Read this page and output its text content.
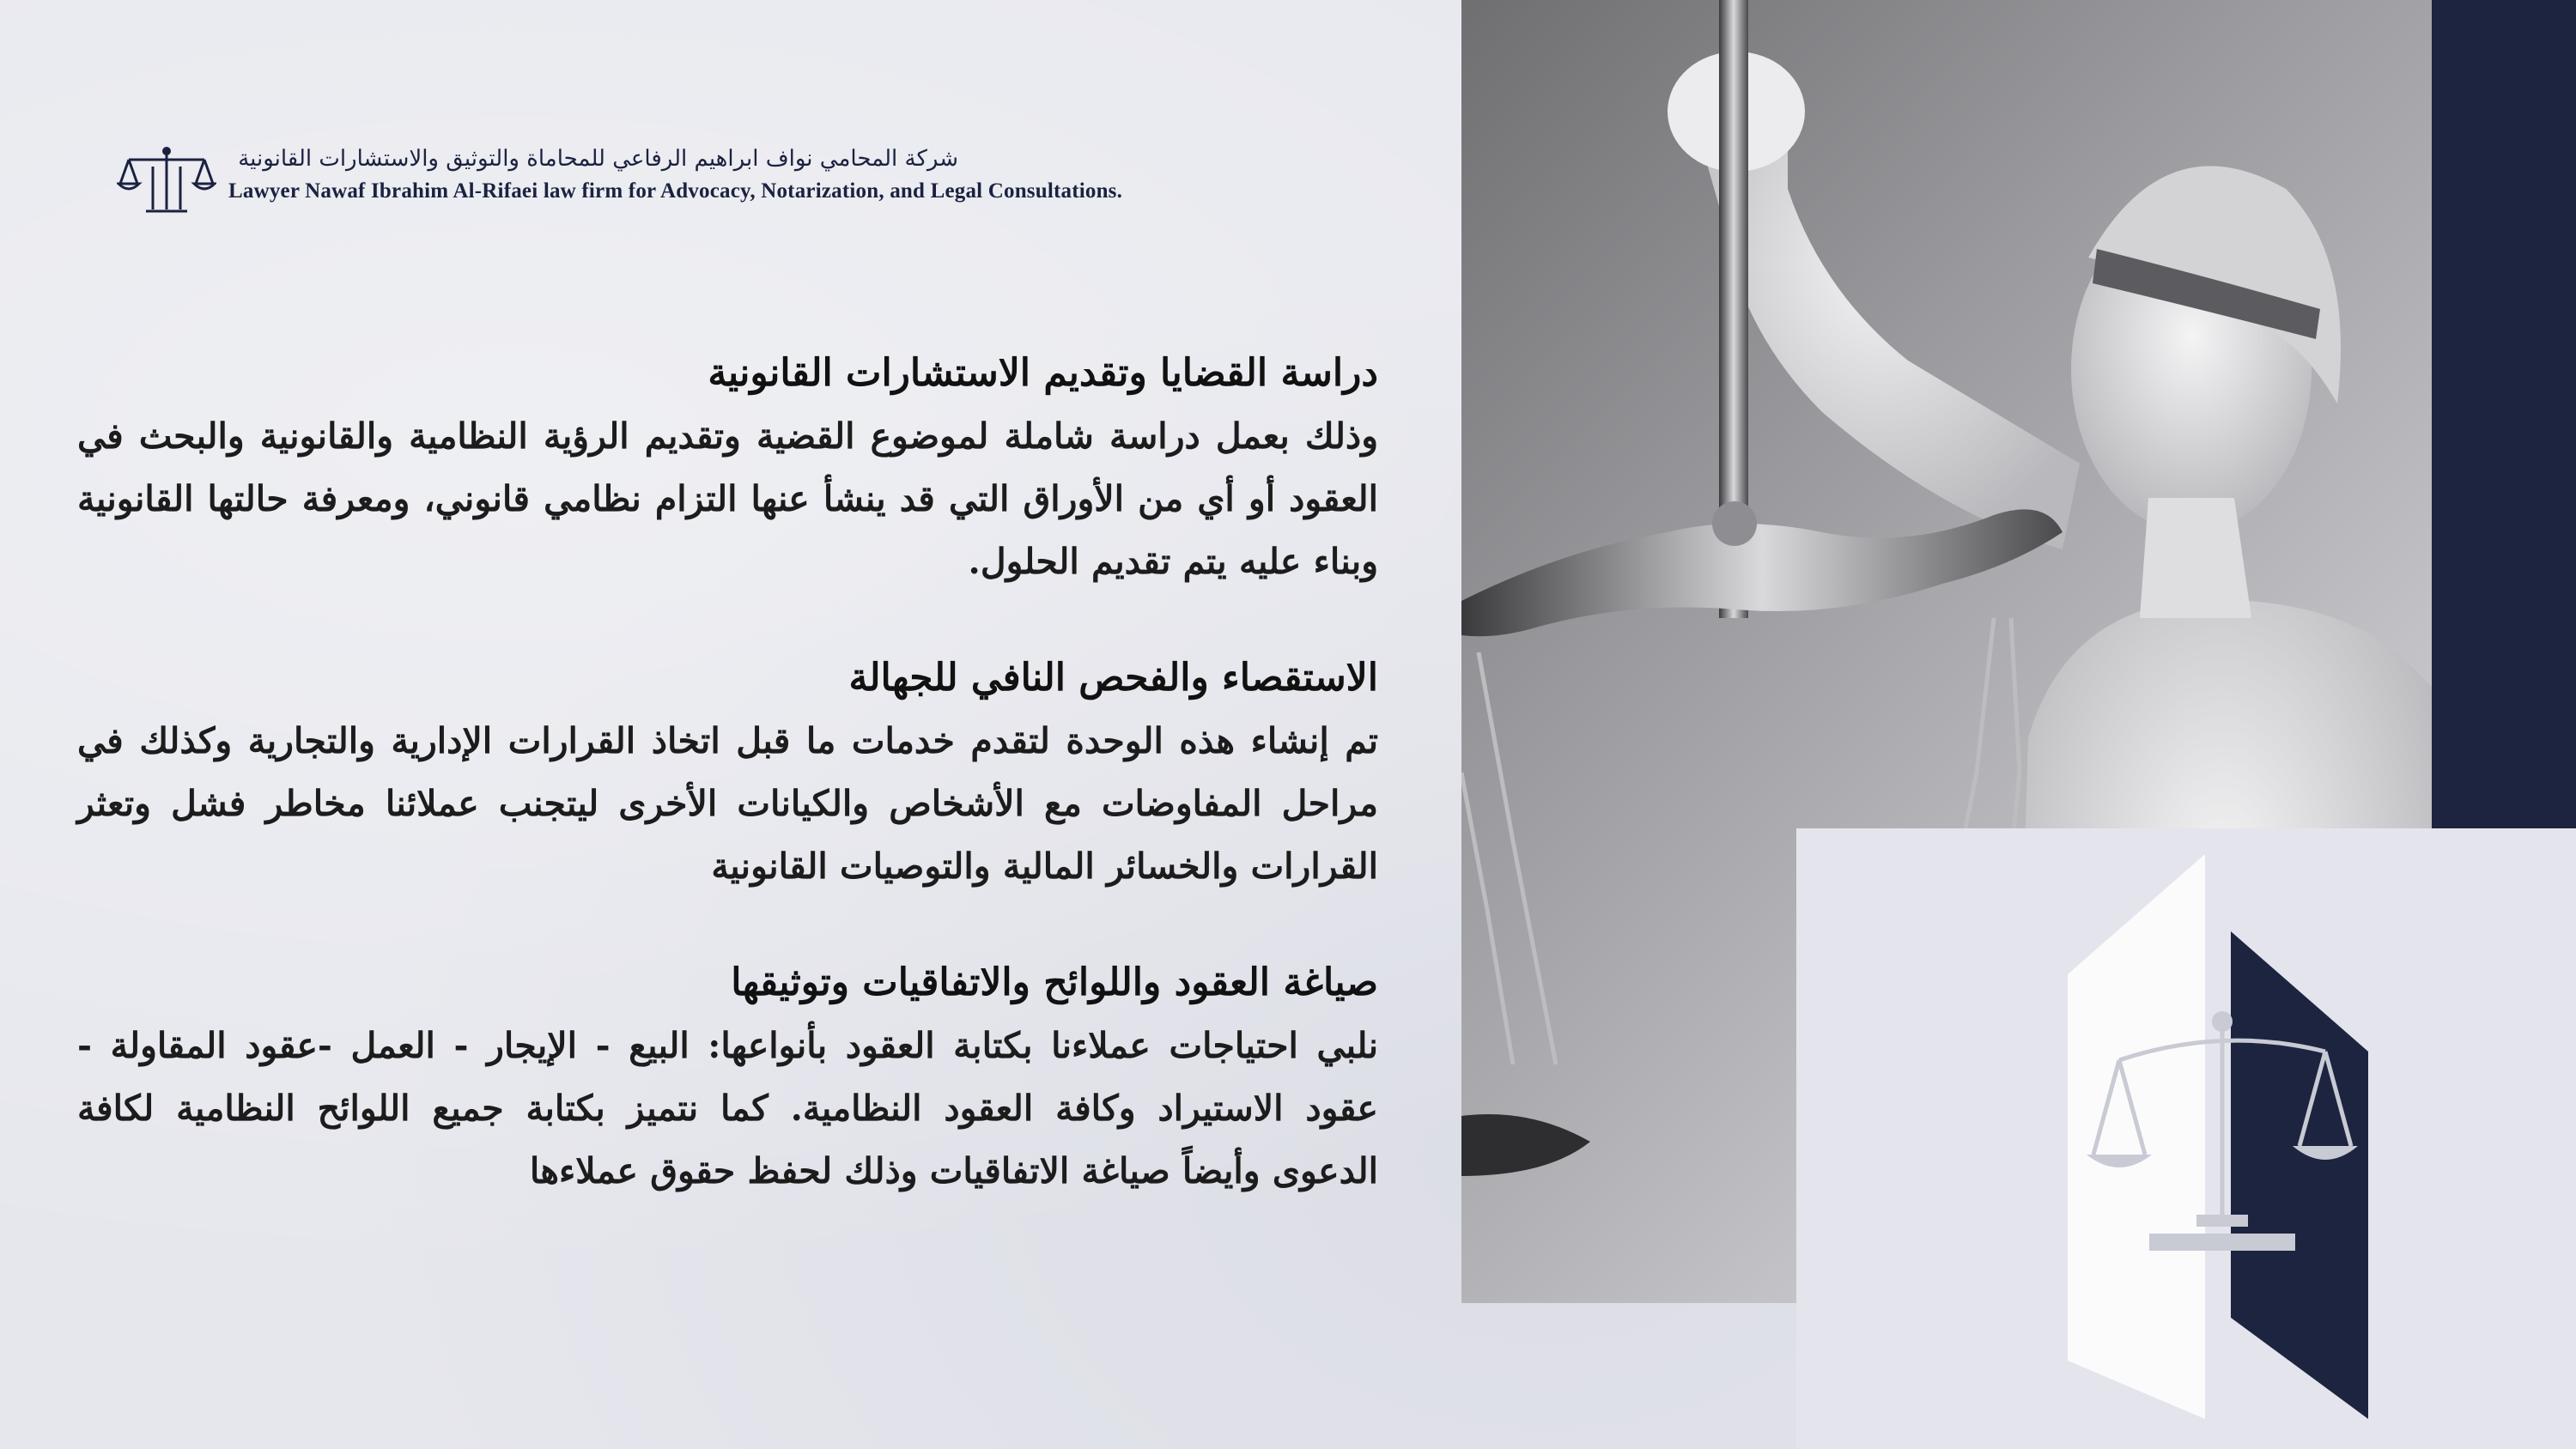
شركة المحامي نواف ابراهيم الرفاعي للمحاماة والتوثيق والاستشارات القانونية
Lawyer Nawaf Ibrahim Al-Rifaei law firm for Advocacy, Notarization, and Legal Consultations.
دراسة القضايا وتقديم الاستشارات القانونية

وذلك بعمل دراسة شاملة لموضوع القضية وتقديم الرؤية النظامية والقانونية والبحث في العقود أو أي من الأوراق التي قد ينشأ عنها التزام نظامي قانوني، ومعرفة حالتها القانونية وبناء عليه يتم تقديم الحلول.

الاستقصاء والفحص النافي للجهالة

تم إنشاء هذه الوحدة لتقدم خدمات ما قبل اتخاذ القرارات الإدارية والتجارية وكذلك في مراحل المفاوضات مع الأشخاص والكيانات الأخرى ليتجنب عملائنا مخاطر فشل وتعثر القرارات والخسائر المالية والتوصيات القانونية

صياغة العقود واللوائح والاتفاقيات وتوثيقها

نلبي احتياجات عملاءنا بكتابة العقود بأنواعها: البيع - الإيجار - العمل -عقود المقاولة - عقود الاستيراد وكافة العقود النظامية. كما نتميز بكتابة جميع اللوائح النظامية لكافة الدعوى وأيضاً صياغة الاتفاقيات وذلك لحفظ حقوق عملاءها
